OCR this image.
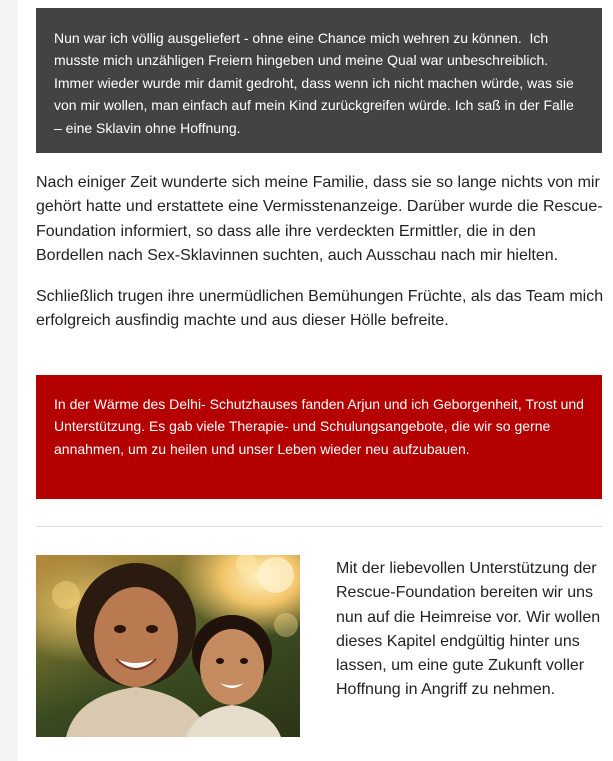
Nun war ich völlig ausgeliefert - ohne eine Chance mich wehren zu können.  Ich musste mich unzähligen Freiern hingeben und meine Qual war unbeschreiblich. Immer wieder wurde mir damit gedroht, dass wenn ich nicht machen würde, was sie von mir wollen, man einfach auf mein Kind zurückgreifen würde. Ich saß in der Falle  – eine Sklavin ohne Hoffnung.

Nach einiger Zeit wunderte sich meine Familie, dass sie so lange nichts von mir gehört hatte und erstattete eine Vermisstenanzeige. Darüber wurde die Rescue-Foundation informiert, so dass alle ihre verdeckten Ermittler, die in den Bordellen nach Sex-Sklavinnen suchten, auch Ausschau nach mir hielten.

Schließlich trugen ihre unermüdlichen Bemühungen Früchte, als das Team mich erfolgreich ausfindig machte und aus dieser Hölle befreite.

In der Wärme des Delhi- Schutzhauses fanden Arjun und ich Geborgenheit, Trost und Unterstützung. Es gab viele Therapie- und Schulungsangebote, die wir so gerne annahmen, um zu heilen und unser Leben wieder neu aufzubauen.

Mit der liebevollen Unterstützung der Rescue-Foundation bereiten wir uns nun auf die Heimreise vor. Wir wollen dieses Kapitel endgültig hinter uns lassen, um eine gute Zukunft voller Hoffnung in Angriff zu nehmen.
